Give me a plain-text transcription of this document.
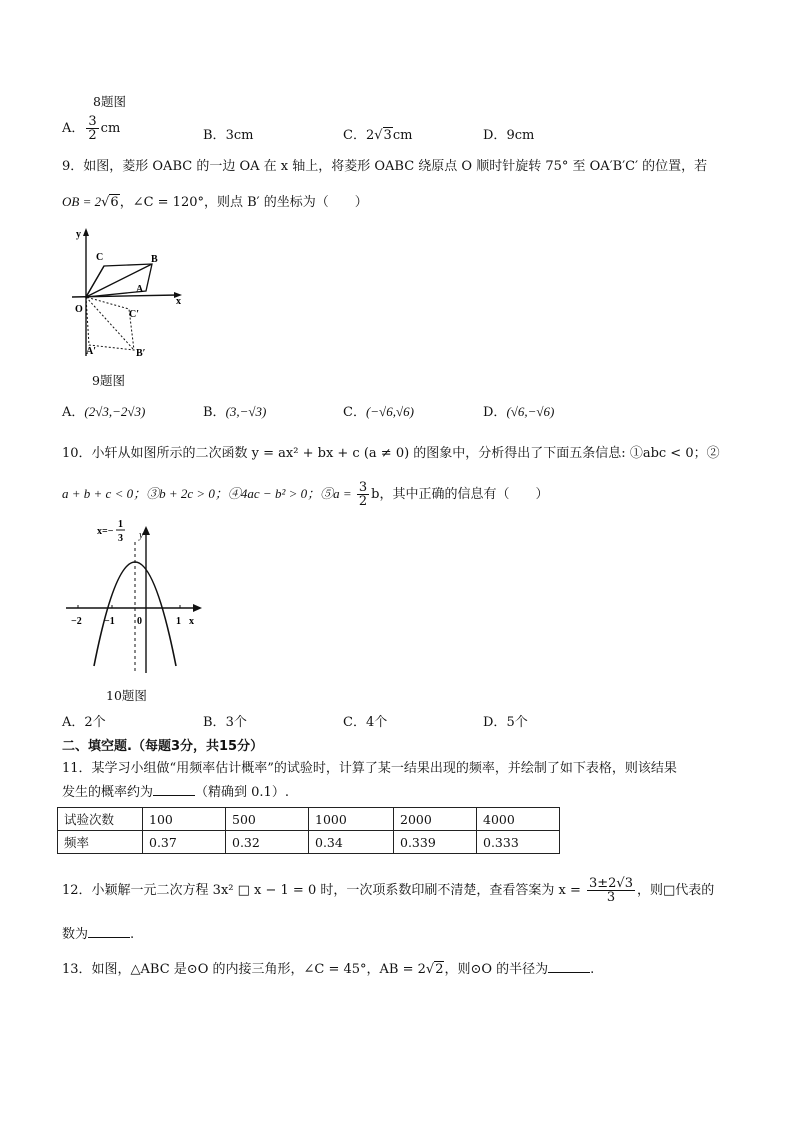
8题图
A． $\frac{3}{2}$ cm	B．3cm	C．2√3cm	D．9cm
9．如图，菱形 OABC 的一边 OA 在 x 轴上，将菱形 OABC 绕原点 O 顺时针旋转 75° 至 OA′B′C′ 的位置，若
OB = 2√6，∠C = 120°，则点 B′ 的坐标为（　　）
y
x
O
A
B
C
A′	B′
C′
9题图
A．(2√3,−2√3)	B．(3,−√3)	C．(−√6,√6)	D．(√6,−√6)
10．小轩从如图所示的二次函数 y = ax² + bx + c (a ≠ 0) 的图象中，分析得出了下面五条信息: ①abc < 0；②
a + b + c < 0；③b + 2c > 0；④4ac − b² > 0；⑤a = $\frac{3}{2}$ b，其中正确的信息有（　　）
x=−
1
3 y
x
−2 −1 0	1
10题图
A．2个	B．3个	C．4个	D．5个
二、填空题.（每题3分，共15分）
11．某学习小组做“用频率估计概率”的试验时，计算了某一结果出现的频率，并绘制了如下表格，则该结果
发生的概率约为	（精确到 0.1）.
试验次数	100	500	1000	2000	4000
频率	0.37	0.32	0.34	0.339	0.333
12．小颖解一元二次方程 3x² □ x − 1 = 0 时，一次项系数印刷不清楚，查看答案为 $x = \frac{3\pm 2√3}{3}$ ，则□代表的
数为	.
13．如图，△ABC 是⊙O 的内接三角形，∠C = 45°，AB = 2√2，则⊙O 的半径为	.
